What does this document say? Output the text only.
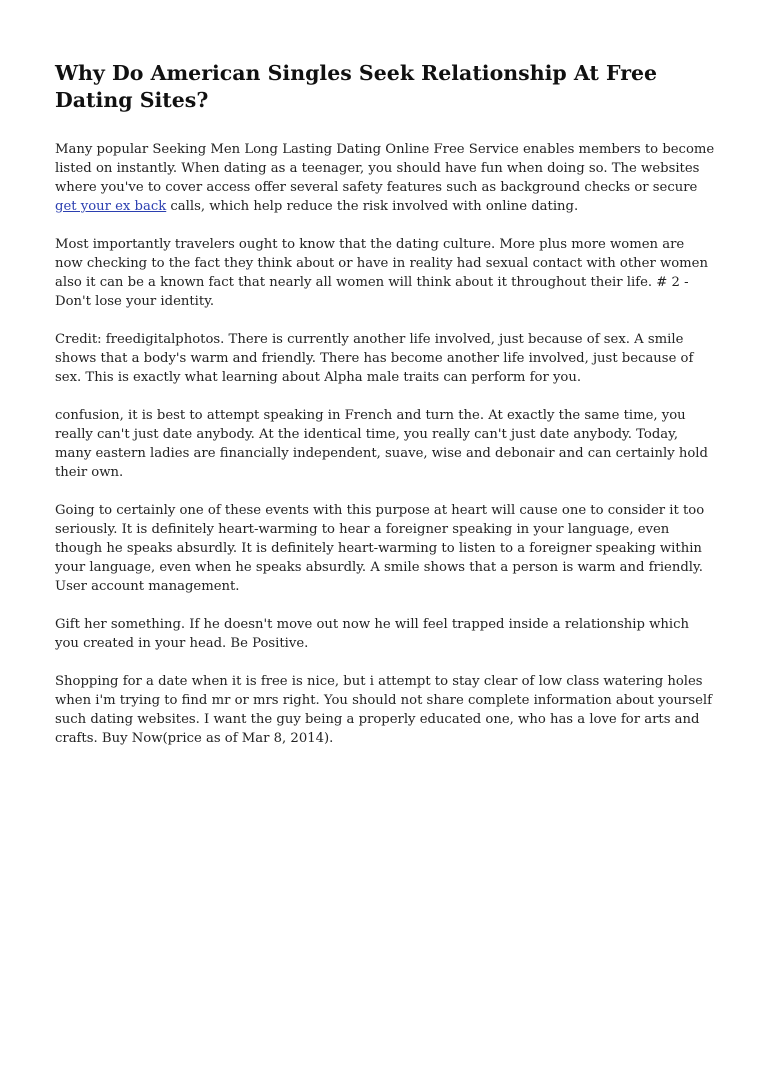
Why Do American Singles Seek Relationship At Free Dating Sites?

Many popular Seeking Men Long Lasting Dating Online Free Service enables members to become listed on instantly. When dating as a teenager, you should have fun when doing so. The websites where you've to cover access offer several safety features such as background checks or secure get your ex back calls, which help reduce the risk involved with online dating.

Most importantly travelers ought to know that the dating culture. More plus more women are now checking to the fact they think about or have in reality had sexual contact with other women also it can be a known fact that nearly all women will think about it throughout their life. # 2 - Don't lose your identity.

Credit: freedigitalphotos. There is currently another life involved, just because of sex. A smile shows that a body's warm and friendly. There has become another life involved, just because of sex. This is exactly what learning about Alpha male traits can perform for you.

confusion, it is best to attempt speaking in French and turn the. At exactly the same time, you really can't just date anybody. At the identical time, you really can't just date anybody. Today, many eastern ladies are financially independent, suave, wise and debonair and can certainly hold their own.

Going to certainly one of these events with this purpose at heart will cause one to consider it too seriously. It is definitely heart-warming to hear a foreigner speaking in your language, even though he speaks absurdly. It is definitely heart-warming to listen to a foreigner speaking within your language, even when he speaks absurdly. A smile shows that a person is warm and friendly. User account management.

Gift her something. If he doesn't move out now he will feel trapped inside a relationship which you created in your head. Be Positive.

Shopping for a date when it is free is nice, but i attempt to stay clear of low class watering holes when i'm trying to find mr or mrs right. You should not share complete information about yourself such dating websites. I want the guy being a properly educated one, who has a love for arts and crafts. Buy Now(price as of Mar 8, 2014).
